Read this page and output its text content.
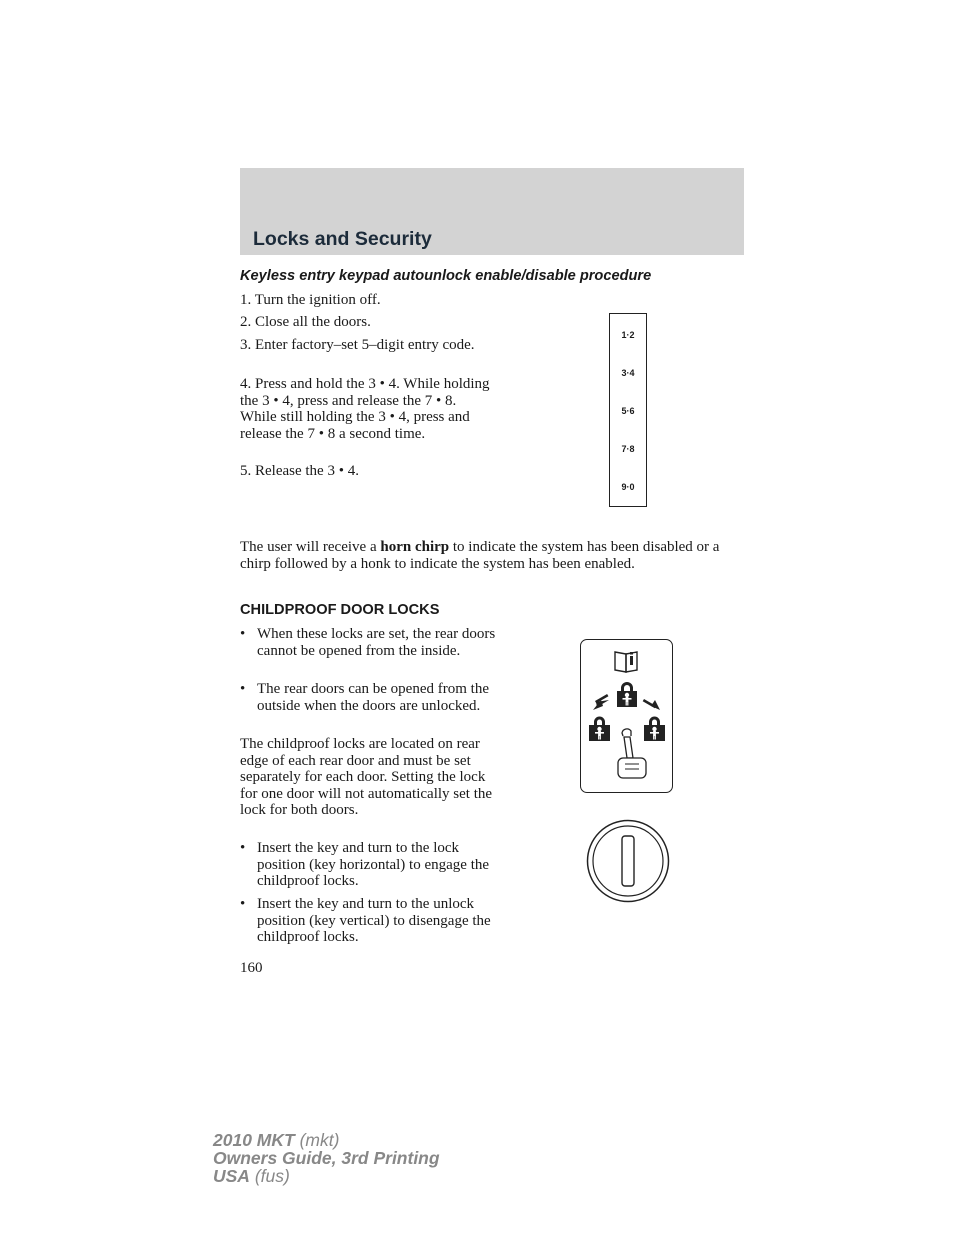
Locks and Security
Keyless entry keypad autounlock enable/disable procedure

1. Turn the ignition off.

2. Close all the doors.

3. Enter factory–set 5–digit entry code.

4. Press and hold the 3 • 4. While holding the 3 • 4, press and release the 7 • 8. While still holding the 3 • 4, press and release the 7 • 8 a second time.

5. Release the 3 • 4.

1·2
3·4
5·6
7·8
9·0

The user will receive a horn chirp to indicate the system has been disabled or a chirp followed by a honk to indicate the system has been enabled.

CHILDPROOF DOOR LOCKS
• When these locks are set, the rear doors cannot be opened from the inside.
• The rear doors can be opened from the outside when the doors are unlocked.

The childproof locks are located on rear edge of each rear door and must be set separately for each door. Setting the lock for one door will not automatically set the lock for both doors.

• Insert the key and turn to the lock position (key horizontal) to engage the childproof locks.
• Insert the key and turn to the unlock position (key vertical) to disengage the childproof locks.

160

2010 MKT (mkt)
Owners Guide, 3rd Printing
USA (fus)
